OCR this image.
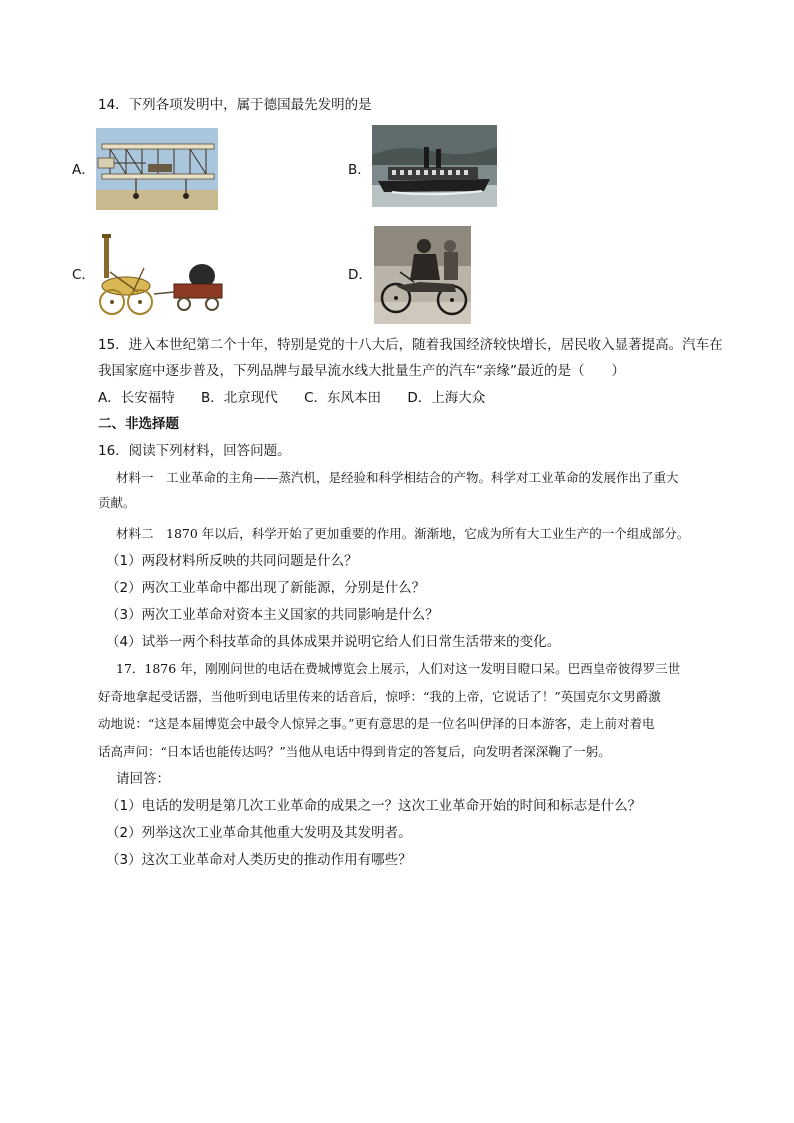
14．下列各项发明中，属于德国最先发明的是
A．	B．
C．	D．
15．进入本世纪第二个十年，特别是党的十八大后，随着我国经济较快增长，居民收入显著提高。汽车在
我国家庭中逐步普及，下列品牌与最早流水线大批量生产的汽车“亲缘”最近的是（　　）
A．长安福特 B．北京现代 C．东风本田 D．上海大众
二、非选择题
16．阅读下列材料，回答问题。
材料一　工业革命的主角——蒸汽机，是经验和科学相结合的产物。科学对工业革命的发展作出了重大
贡献。
材料二　1870 年以后，科学开始了更加重要的作用。渐渐地，它成为所有大工业生产的一个组成部分。
（1）两段材料所反映的共同问题是什么？
（2）两次工业革命中都出现了新能源，分别是什么？
（3）两次工业革命对资本主义国家的共同影响是什么？
（4）试举一两个科技革命的具体成果并说明它给人们日常生活带来的变化。
17．1876 年，刚刚问世的电话在费城博览会上展示，人们对这一发明目瞪口呆。巴西皇帝彼得罗三世
好奇地拿起受话器，当他听到电话里传来的话音后，惊呼：“我的上帝，它说话了！”英国克尔文男爵激
动地说：“这是本届博览会中最令人惊异之事。”更有意思的是一位名叫伊泽的日本游客，走上前对着电
话高声问：“日本话也能传达吗？”当他从电话中得到肯定的答复后，向发明者深深鞠了一躬。
请回答：
（1）电话的发明是第几次工业革命的成果之一？这次工业革命开始的时间和标志是什么？
（2）列举这次工业革命其他重大发明及其发明者。
（3）这次工业革命对人类历史的推动作用有哪些？
